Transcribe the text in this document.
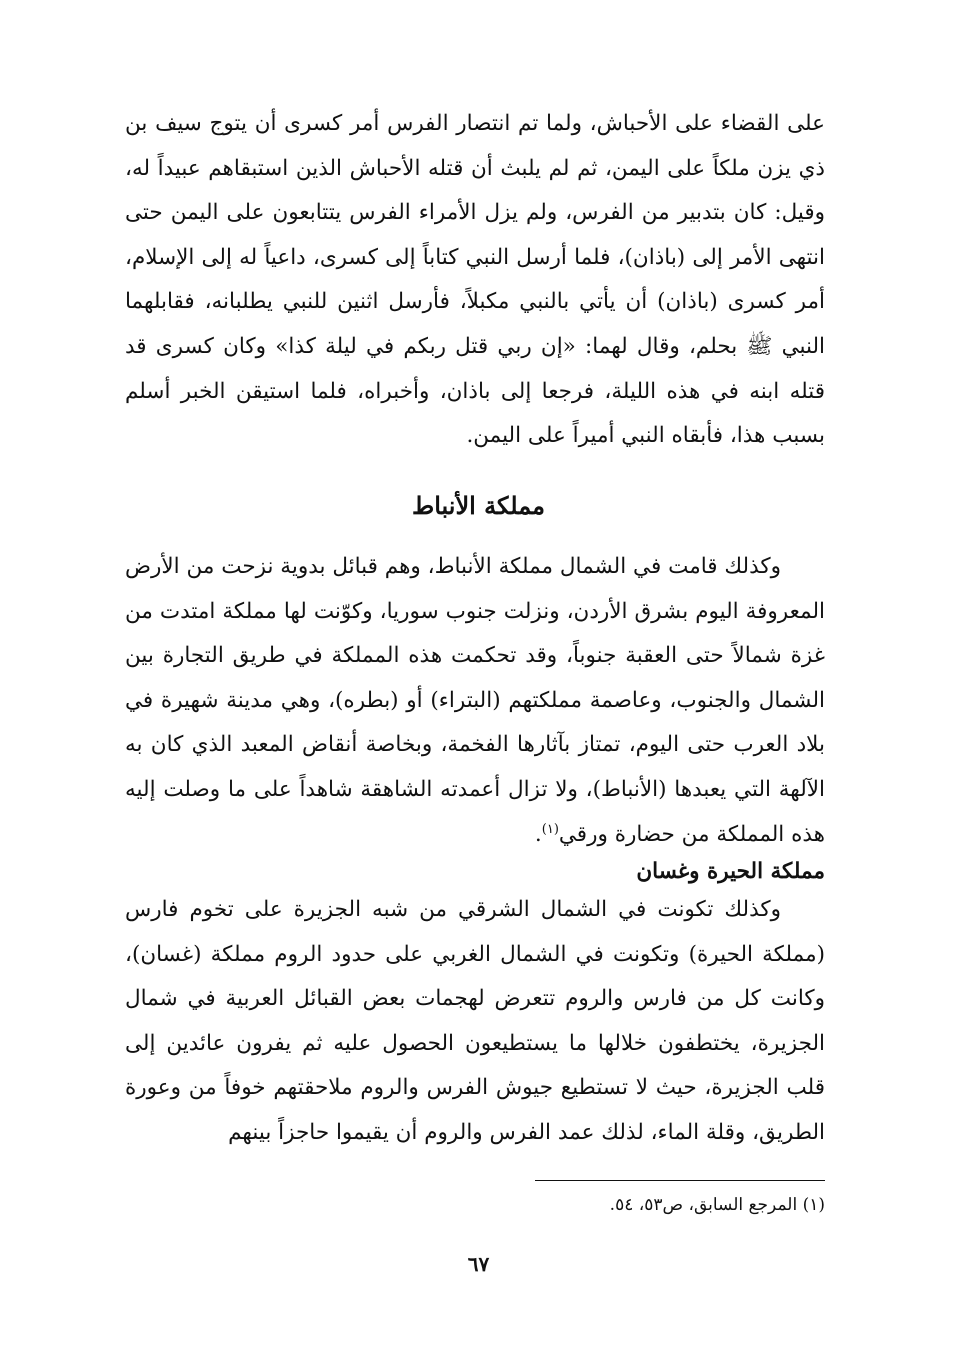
على القضاء على الأحباش، ولما تم انتصار الفرس أمر كسرى أن يتوج سيف بن ذي يزن ملكاً على اليمن، ثم لم يلبث أن قتله الأحباش الذين استبقاهم عبيداً له، وقيل: كان بتدبير من الفرس، ولم يزل الأمراء الفرس يتتابعون على اليمن حتى انتهى الأمر إلى (باذان)، فلما أرسل النبي كتاباً إلى كسرى، داعياً له إلى الإسلام، أمر كسرى (باذان) أن يأتي بالنبي مكبلاً، فأرسل اثنين للنبي يطلبانه، فقابلهما النبي ﷺ بحلم، وقال لهما: «إن ربي قتل ربكم في ليلة كذا» وكان كسرى قد قتله ابنه في هذه الليلة، فرجعا إلى باذان، وأخبراه، فلما استيقن الخبر أسلم بسبب هذا، فأبقاه النبي أميراً على اليمن.

مملكة الأنباط

وكذلك قامت في الشمال مملكة الأنباط، وهم قبائل بدوية نزحت من الأرض المعروفة اليوم بشرق الأردن، ونزلت جنوب سوريا، وكوّنت لها مملكة امتدت من غزة شمالاً حتى العقبة جنوباً، وقد تحكمت هذه المملكة في طريق التجارة بين الشمال والجنوب، وعاصمة مملكتهم (البتراء) أو (بطره)، وهي مدينة شهيرة في بلاد العرب حتى اليوم، تمتاز بآثارها الفخمة، وبخاصة أنقاض المعبد الذي كان به الآلهة التي يعبدها (الأنباط)، ولا تزال أعمدته الشاهقة شاهداً على ما وصلت إليه هذه المملكة من حضارة ورقي$^{(١)}$.

مملكة الحيرة وغسان

وكذلك تكونت في الشمال الشرقي من شبه الجزيرة على تخوم فارس (مملكة الحيرة) وتكونت في الشمال الغربي على حدود الروم مملكة (غسان)، وكانت كل من فارس والروم تتعرض لهجمات بعض القبائل العربية في شمال الجزيرة، يختطفون خلالها ما يستطيعون الحصول عليه ثم يفرون عائدين إلى قلب الجزيرة، حيث لا تستطيع جيوش الفرس والروم ملاحقتهم خوفاً من وعورة الطريق، وقلة الماء، لذلك عمد الفرس والروم أن يقيموا حاجزاً بينهم

(١) المرجع السابق، ص٥٣، ٥٤.
٦٧
